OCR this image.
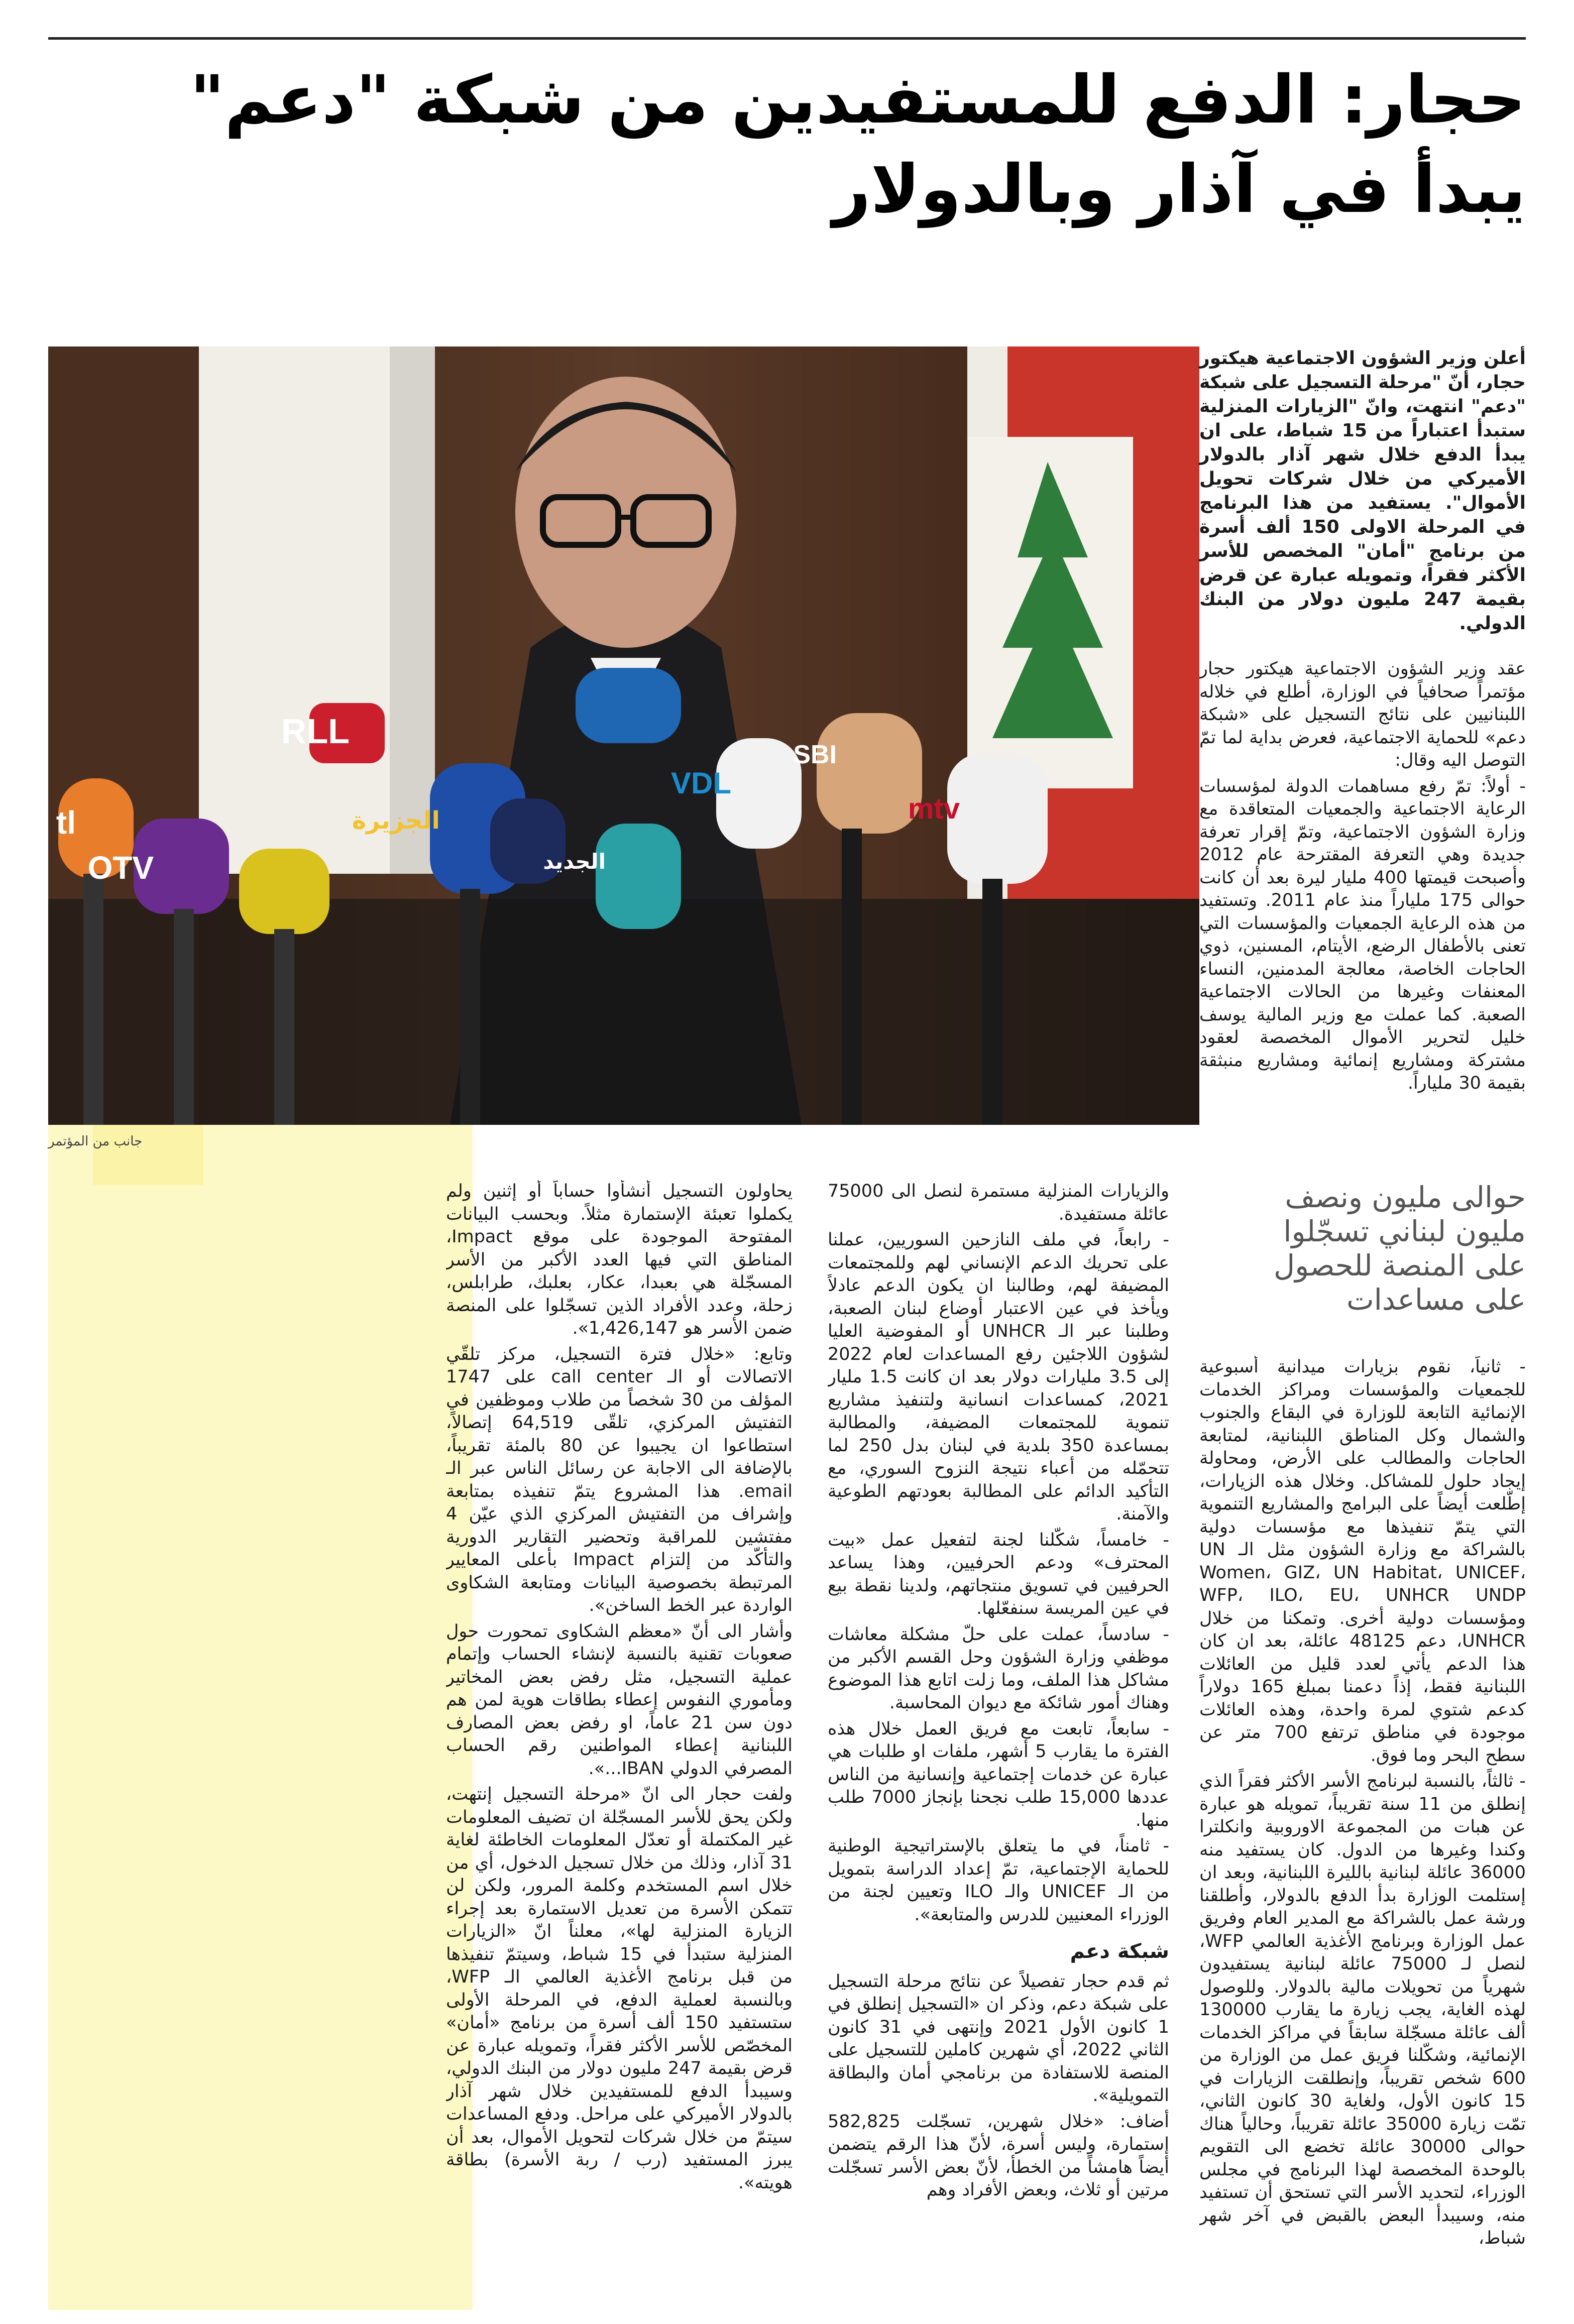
حجار: الدفع للمستفيدين من شبكة "دعم"
يبدأ في آذار وبالدولار
RLL
OTV
الجزيرة
SBI
mtv
VDL
الجديد
tl
جانب من المؤتمر
أعلن وزير الشؤون الاجتماعية هيكتور حجار، أنّ "مرحلة التسجيل على شبكة "دعم" انتهت، وانّ "الزيارات المنزلية ستبدأ اعتباراً من 15 شباط، على ان يبدأ الدفع خلال شهر آذار بالدولار الأميركي من خلال شركات تحويل الأموال". يستفيد من هذا البرنامج في المرحلة الاولى 150 ألف أسرة من برنامج "أمان" المخصص للأسر الأكثر فقراً، وتمويله عبارة عن قرض بقيمة 247 مليون دولار من البنك الدولي.

عقد وزير الشؤون الاجتماعية هيكتور حجار مؤتمراً صحافياً في الوزارة، أطلع في خلاله اللبنانيين على نتائج التسجيل على «شبكة دعم» للحماية الاجتماعية، فعرض بداية لما تمّ التوصل اليه وقال:

- أولاً: تمّ رفع مساهمات الدولة لمؤسسات الرعاية الاجتماعية والجمعيات المتعاقدة مع وزارة الشؤون الاجتماعية، وتمّ إقرار تعرفة جديدة وهي التعرفة المقترحة عام 2012 وأصبحت قيمتها 400 مليار ليرة بعد أن كانت حوالى 175 ملياراً منذ عام 2011. وتستفيد من هذه الرعاية الجمعيات والمؤسسات التي تعنى بالأطفال الرضع، الأيتام، المسنين، ذوي الحاجات الخاصة، معالجة المدمنين، النساء المعنفات وغيرها من الحالات الاجتماعية الصعبة. كما عملت مع وزير المالية يوسف خليل لتحرير الأموال المخصصة لعقود مشتركة ومشاريع إنمائية ومشاريع منبثقة بقيمة 30 ملياراً.

حوالى مليون ونصف مليون لبناني تسجّلوا على المنصة للحصول على مساعدات

- ثانياً، نقوم بزيارات ميدانية أسبوعية للجمعيات والمؤسسات ومراكز الخدمات الإنمائية التابعة للوزارة في البقاع والجنوب والشمال وكل المناطق اللبنانية، لمتابعة الحاجات والمطالب على الأرض، ومحاولة إيجاد حلول للمشاكل. وخلال هذه الزيارات، إطّلعت أيضاً على البرامج والمشاريع التنموية التي يتمّ تنفيذها مع مؤسسات دولية بالشراكة مع وزارة الشؤون مثل الـ UN Women، GIZ، UN Habitat، UNICEF، WFP، ILO، EU، UNHCR UNDP ومؤسسات دولية أخرى. وتمكنا من خلال UNHCR، دعم 48125 عائلة، بعد ان كان هذا الدعم يأتي لعدد قليل من العائلات اللبنانية فقط، إذاً دعمنا بمبلغ 165 دولاراً كدعم شتوي لمرة واحدة، وهذه العائلات موجودة في مناطق ترتفع 700 متر عن سطح البحر وما فوق.

- ثالثاً، بالنسبة لبرنامج الأسر الأكثر فقراً الذي إنطلق من 11 سنة تقريباً، تمويله هو عبارة عن هبات من المجموعة الاوروبية وانكلترا وكندا وغيرها من الدول. كان يستفيد منه 36000 عائلة لبنانية بالليرة اللبنانية، وبعد ان إستلمت الوزارة بدأ الدفع بالدولار، وأطلقنا ورشة عمل بالشراكة مع المدير العام وفريق عمل الوزارة وبرنامج الأغذية العالمي WFP، لنصل لـ 75000 عائلة لبنانية يستفيدون شهرياً من تحويلات مالية بالدولار. وللوصول لهذه الغاية، يجب زيارة ما يقارب 130000 ألف عائلة مسجّلة سابقاً في مراكز الخدمات الإنمائية، وشكّلنا فريق عمل من الوزارة من 600 شخص تقريباً، وإنطلقت الزيارات في 15 كانون الأول، ولغاية 30 كانون الثاني، تمّت زيارة 35000 عائلة تقريباً، وحالياً هناك حوالى 30000 عائلة تخضع الى التقويم بالوحدة المخصصة لهذا البرنامج في مجلس الوزراء، لتحديد الأسر التي تستحق أن تستفيد منه، وسيبدأ البعض بالقبض في آخر شهر شباط،

والزيارات المنزلية مستمرة لنصل الى 75000 عائلة مستفيدة.

- رابعاً، في ملف النازحين السوريين، عملنا على تحريك الدعم الإنساني لهم وللمجتمعات المضيفة لهم، وطالبنا ان يكون الدعم عادلاً ويأخذ في عين الاعتبار أوضاع لبنان الصعبة، وطلبنا عبر الـ UNHCR أو المفوضية العليا لشؤون اللاجئين رفع المساعدات لعام 2022 إلى 3.5 مليارات دولار بعد ان كانت 1.5 مليار 2021، كمساعدات انسانية ولتنفيذ مشاريع تنموية للمجتمعات المضيفة، والمطالبة بمساعدة 350 بلدية في لبنان بدل 250 لما تتحمّله من أعباء نتيجة النزوح السوري، مع التأكيد الدائم على المطالبة بعودتهم الطوعية والآمنة.

- خامساً، شكّلنا لجنة لتفعيل عمل «بيت المحترف» ودعم الحرفيين، وهذا يساعد الحرفيين في تسويق منتجاتهم، ولدينا نقطة بيع في عين المريسة سنفعّلها.

- سادساً، عملت على حلّ مشكلة معاشات موظفي وزارة الشؤون وحل القسم الأكبر من مشاكل هذا الملف، وما زلت اتابع هذا الموضوع وهناك أمور شائكة مع ديوان المحاسبة.

- سابعاً، تابعت مع فريق العمل خلال هذه الفترة ما يقارب 5 أشهر، ملفات او طلبات هي عبارة عن خدمات إجتماعية وإنسانية من الناس عددها 15,000 طلب نجحنا بإنجاز 7000 طلب منها.

- ثامناً، في ما يتعلق بالإستراتيجية الوطنية للحماية الإجتماعية، تمّ إعداد الدراسة بتمويل من الـ UNICEF والـ ILO وتعيين لجنة من الوزراء المعنيين للدرس والمتابعة».

شبكة دعم

ثم قدم حجار تفصيلاً عن نتائج مرحلة التسجيل على شبكة دعم، وذكر ان «التسجيل إنطلق في 1 كانون الأول 2021 وإنتهى في 31 كانون الثاني 2022، أي شهرين كاملين للتسجيل على المنصة للاستفادة من برنامجي أمان والبطاقة التمويلية».

أضاف: «خلال شهرين، تسجّلت 582,825 إستمارة، وليس أسرة، لأنّ هذا الرقم يتضمن أيضاً هامشاً من الخطأ، لأنّ بعض الأسر تسجّلت مرتين أو ثلاث، وبعض الأفراد وهم

يحاولون التسجيل أنشأوا حساباً أو إثنين ولم يكملوا تعبئة الإستمارة مثلاً. وبحسب البيانات المفتوحة الموجودة على موقع Impact، المناطق التي فيها العدد الأكبر من الأسر المسجّلة هي بعبدا، عكار، بعلبك، طرابلس، زحلة، وعدد الأفراد الذين تسجّلوا على المنصة ضمن الأسر هو 1,426,147».

وتابع: «خلال فترة التسجيل، مركز تلقّي الاتصالات أو الـ call center على 1747 المؤلف من 30 شخصاً من طلاب وموظفين في التفتيش المركزي، تلقّى 64,519 إتصالاً، استطاعوا ان يجيبوا عن 80 بالمئة تقريباً، بالإضافة الى الاجابة عن رسائل الناس عبر الـ email. هذا المشروع يتمّ تنفيذه بمتابعة وإشراف من التفتيش المركزي الذي عيّن 4 مفتشين للمراقبة وتحضير التقارير الدورية والتأكّد من إلتزام Impact بأعلى المعايير المرتبطة بخصوصية البيانات ومتابعة الشكاوى الواردة عبر الخط الساخن».

وأشار الى أنّ «معظم الشكاوى تمحورت حول صعوبات تقنية بالنسبة لإنشاء الحساب وإتمام عملية التسجيل، مثل رفض بعض المخاتير ومأموري النفوس إعطاء بطاقات هوية لمن هم دون سن 21 عاماً، او رفض بعض المصارف اللبنانية إعطاء المواطنين رقم الحساب المصرفي الدولي IBAN...».

ولفت حجار الى انّ «مرحلة التسجيل إنتهت، ولكن يحق للأسر المسجّلة ان تضيف المعلومات غير المكتملة أو تعدّل المعلومات الخاطئة لغاية 31 آذار، وذلك من خلال تسجيل الدخول، أي من خلال اسم المستخدم وكلمة المرور، ولكن لن تتمكن الأسرة من تعديل الاستمارة بعد إجراء الزيارة المنزلية لها»، معلناً انّ «الزيارات المنزلية ستبدأ في 15 شباط، وسيتمّ تنفيذها من قبل برنامج الأغذية العالمي الـ WFP، وبالنسبة لعملية الدفع، في المرحلة الأولى ستستفيد 150 ألف أسرة من برنامج «أمان» المخصّص للأسر الأكثر فقراً، وتمويله عبارة عن قرض بقيمة 247 مليون دولار من البنك الدولي، وسيبدأ الدفع للمستفيدين خلال شهر آذار بالدولار الأميركي على مراحل. ودفع المساعدات سيتمّ من خلال شركات لتحويل الأموال، بعد أن يبرز المستفيد (رب / ربة الأسرة) بطاقة هويته».
